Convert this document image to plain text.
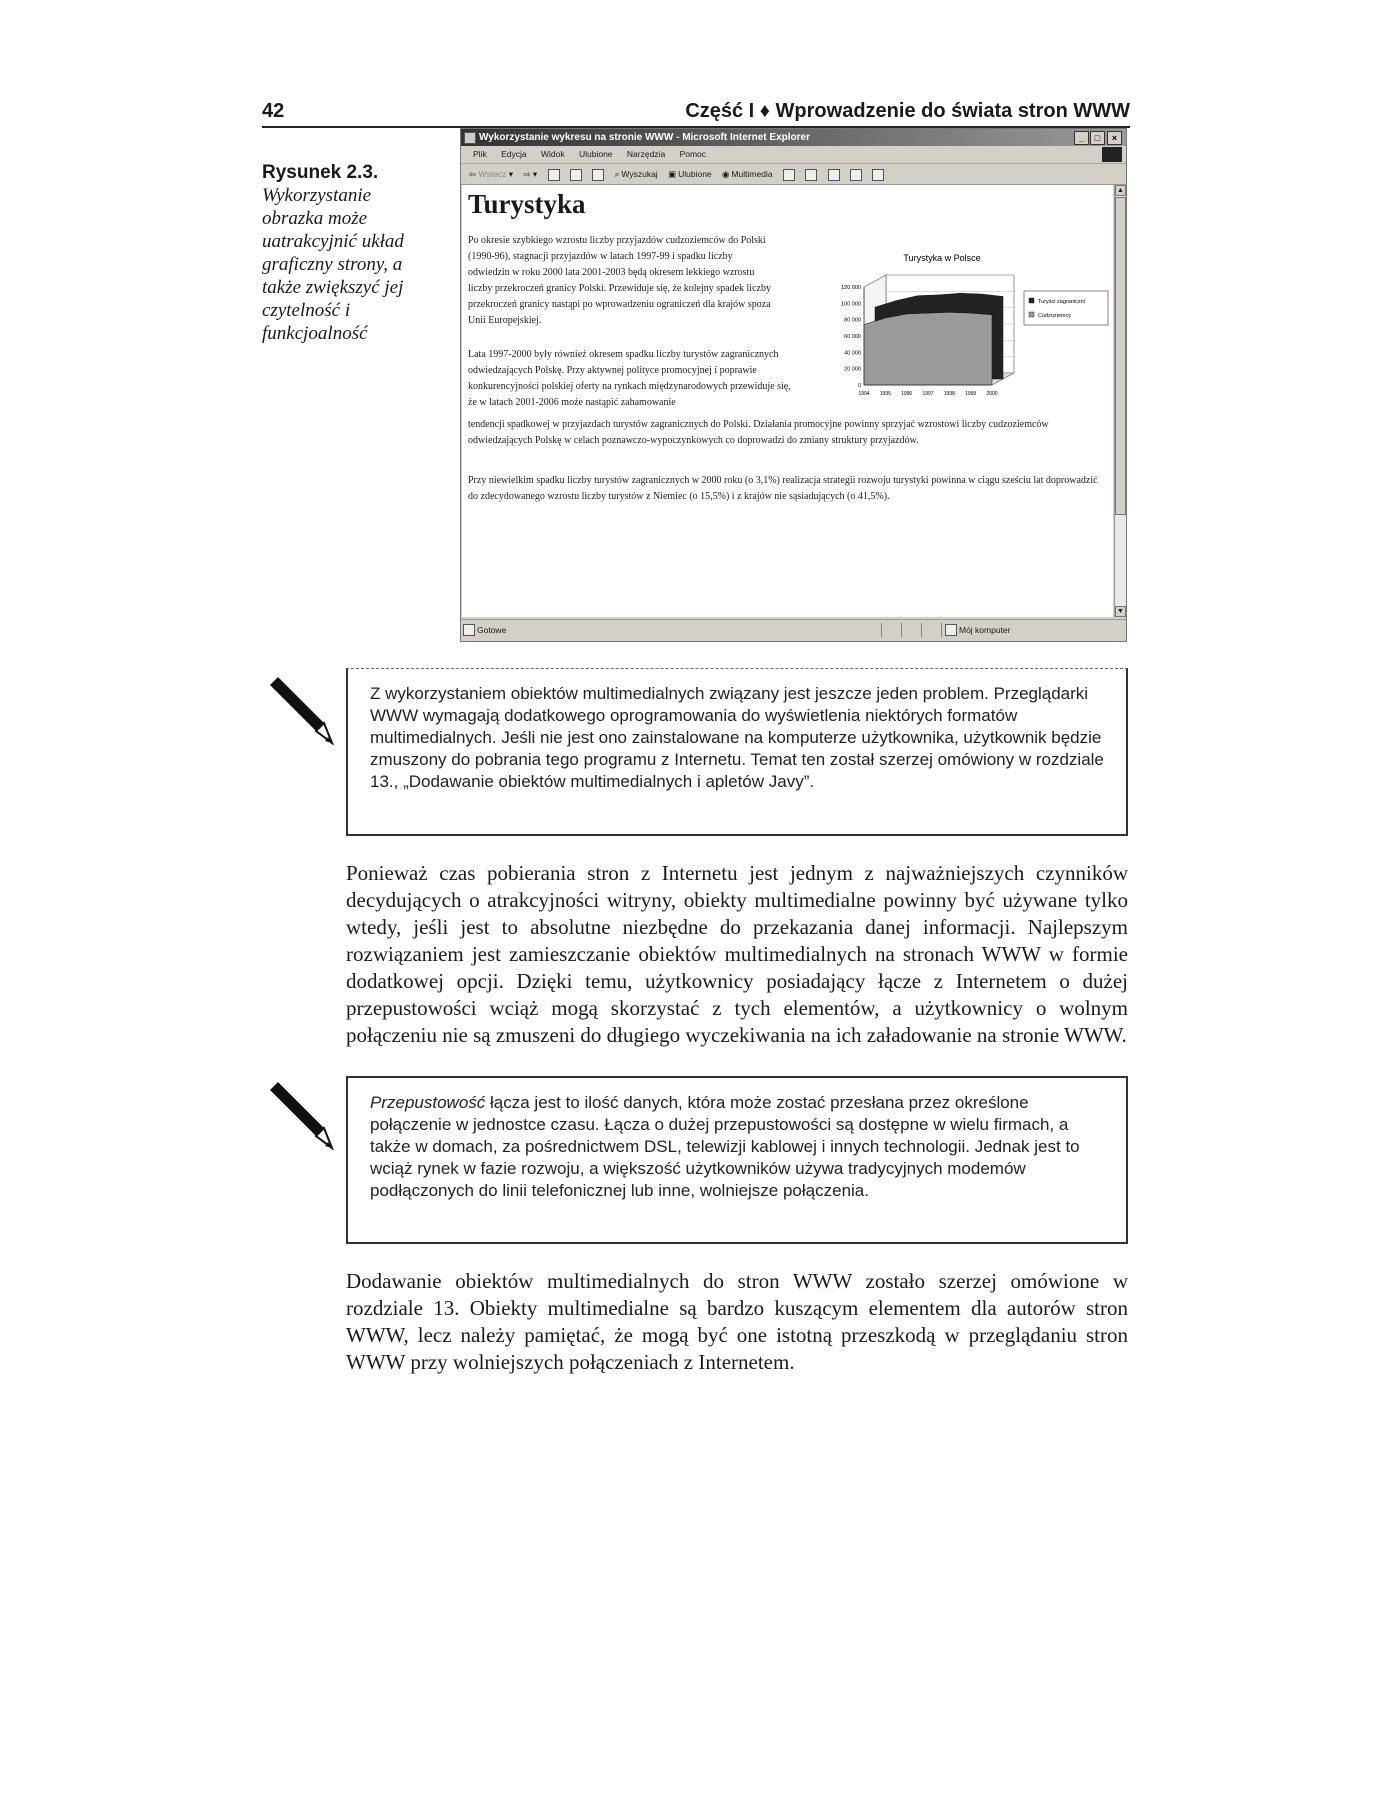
42	Część I ♦ Wprowadzenie do świata stron WWW
Rysunek 2.3.
Wykorzystanie obrazka może uatrakcyjnić układ graficzny strony, a także zwiększyć jej czytelność i funkcjoalność
Wykorzystanie wykresu na stronie WWW - Microsoft Internet Explorer	_	□	×
Plik Edycja Widok Ulubione Narzędzia Pomoc
⇦ Wstecz ▾ ⇨ ▾	⌕ Wyszukaj ▣ Ulubione ◉ Multimedia
Turystyka
Po okresie szybkiego wzrostu liczby przyjazdów cudzoziemców do Polski (1990-96), stagnacji przyjazdów w latach 1997-99 i spadku liczby odwiedzin w roku 2000 lata 2001-2003 będą okresem lekkiego wzrostu liczby przekroczeń granicy Polski. Przewiduje się, że kolejny spadek liczby przekroczeń granicy nastąpi po wprowadzeniu ograniczeń dla krajów spoza Unii Europejskiej.
Lata 1997-2000 były również okresem spadku liczby turystów zagranicznych odwiedzających Polskę. Przy aktywnej polityce promocyjnej i poprawie konkurencyjności polskiej oferty na rynkach międzynarodowych przewiduje się, że w latach 2001-2006 może nastąpić zahamowanie
tendencji spadkowej w przyjazdach turystów zagranicznych do Polski. Działania promocyjne powinny sprzyjać wzrostowi liczby cudzoziemców odwiedzających Polskę w celach poznawczo-wypoczynkowych co doprowadzi do zmiany struktury przyjazdów.
Przy niewielkim spadku liczby turystów zagranicznych w 2000 roku (o 3,1%) realizacja strategii rozwoju turystyki powinna w ciągu sześciu lat doprowadzić do zdecydowanego wzrostu liczby turystów z Niemiec (o 15,5%) i z krajów nie sąsiadujących (o 41,5%).
Turystyka w Polsce
0
20 000
40 000
60 000
80 000
100 000
120 000
1994 1995 1996 1997 1998 1999 2000
Turyści zagraniczni
Cudzoziemcy
▲
▼
Gotowe	Mój komputer
Z wykorzystaniem obiektów multimedialnych związany jest jeszcze jeden problem. Przeglądarki WWW wymagają dodatkowego oprogramowania do wyświetlenia niektórych formatów multimedialnych. Jeśli nie jest ono zainstalowane na komputerze użytkownika, użytkownik będzie zmuszony do pobrania tego programu z Internetu. Temat ten został szerzej omówiony w rozdziale 13., „Dodawanie obiektów multimedialnych i apletów Javy”.
Przepustowość łącza jest to ilość danych, która może zostać przesłana przez określone połączenie w jednostce czasu. Łącza o dużej przepustowości są dostępne w wielu firmach, a także w domach, za pośrednictwem DSL, telewizji kablowej i innych technologii. Jednak jest to wciąż rynek w fazie rozwoju, a większość użytkowników używa tradycyjnych modemów podłączonych do linii telefonicznej lub inne, wolniejsze połączenia.
Ponieważ czas pobierania stron z Internetu jest jednym z najważniejszych czynników decydujących o atrakcyjności witryny, obiekty multimedialne powinny być używane tylko wtedy, jeśli jest to absolutne niezbędne do przekazania danej informacji. Najlepszym rozwiązaniem jest zamieszczanie obiektów multimedialnych na stronach WWW w formie dodatkowej opcji. Dzięki temu, użytkownicy posiadający łącze z Internetem o dużej przepustowości wciąż mogą skorzystać z tych elementów, a użytkownicy o wolnym połączeniu nie są zmuszeni do długiego wyczekiwania na ich załadowanie na stronie WWW.
Dodawanie obiektów multimedialnych do stron WWW zostało szerzej omówione w rozdziale 13. Obiekty multimedialne są bardzo kuszącym elementem dla autorów stron WWW, lecz należy pamiętać, że mogą być one istotną przeszkodą w przeglądaniu stron WWW przy wolniejszych połączeniach z Internetem.
